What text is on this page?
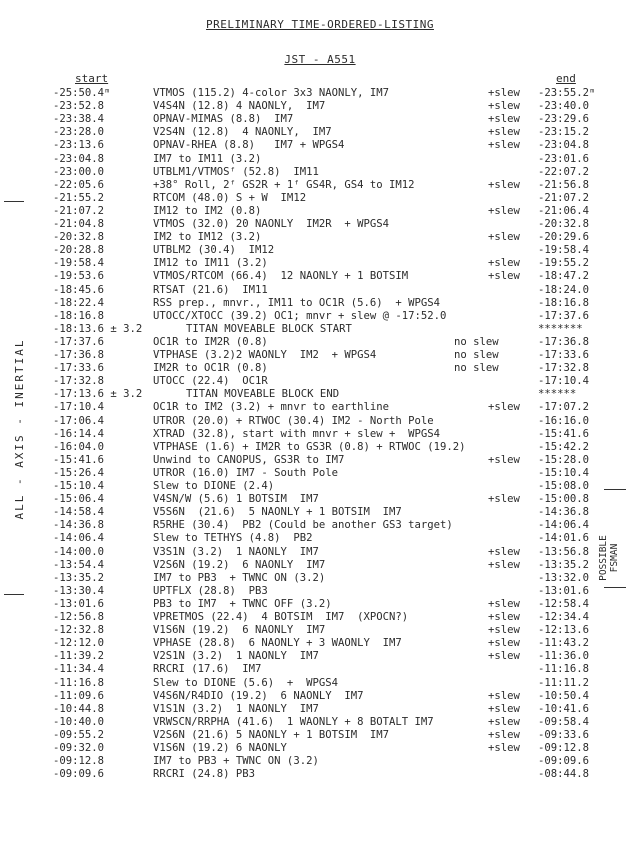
PRELIMINARY TIME-ORDERED-LISTING
JST - A551
start	end
-25:50.4ᵐ	VTMOS (115.2) 4-color 3x3 NAONLY, IM7	+slew -23:55.2ᵐ
-23:52.8	V4S4N (12.8) 4 NAONLY,  IM7	+slew -23:40.0
-23:38.4	OPNAV-MIMAS (8.8)  IM7	+slew -23:29.6
-23:28.0	V2S4N (12.8)  4 NAONLY,  IM7	+slew -23:15.2
-23:13.6	OPNAV-RHEA (8.8)   IM7 + WPGS4	+slew -23:04.8
-23:04.8	IM7 to IM11 (3.2)	-23:01.6
-23:00.0	UTBLM1/VTMOSᶠ (52.8)  IM11	-22:07.2
-22:05.6	+38° Roll, 2ᶠ GS2R + 1ᶠ GS4R, GS4 to IM12	+slew -21:56.8
-21:55.2	RTCOM (48.0) S + W  IM12	-21:07.2
-21:07.2	IM12 to IM2 (0.8)	+slew -21:06.4
-21:04.8	VTMOS (32.0) 20 NAONLY  IM2R  + WPGS4	-20:32.8
-20:32.8	IM2 to IM12 (3.2)	+slew -20:29.6
-20:28.8	UTBLM2 (30.4)  IM12	-19:58.4
-19:58.4	IM12 to IM11 (3.2)	+slew -19:55.2
-19:53.6	VTMOS/RTCOM (66.4)  12 NAONLY + 1 BOTSIM	+slew -18:47.2
-18:45.6	RTSAT (21.6)  IM11	-18:24.0
-18:22.4	RSS prep., mnvr., IM11 to OC1R (5.6)  + WPGS4	-18:16.8
-18:16.8	UTOCC/XTOCC (39.2) OC1; mnvr + slew @ -17:52.0	-17:37.6
-18:13.6 ± 3.2	TITAN MOVEABLE BLOCK START	*******
-17:37.6	OC1R to IM2R (0.8)	no slew	-17:36.8
-17:36.8	VTPHASE (3.2)2 WAONLY  IM2  + WPGS4	no slew	-17:33.6
-17:33.6	IM2R to OC1R (0.8)	no slew	-17:32.8
-17:32.8	UTOCC (22.4)  OC1R	-17:10.4
-17:13.6 ± 3.2	TITAN MOVEABLE BLOCK END	******
-17:10.4	OC1R to IM2 (3.2) + mnvr to earthline	+slew -17:07.2
-17:06.4	UTROR (20.0) + RTWOC (30.4) IM2 - North Pole	-16:16.0
-16:14.4	XTRAD (32.8), start with mnvr + slew +  WPGS4	-15:41.6
-16:04.0	VTPHASE (1.6) + IM2R to GS3R (0.8) + RTWOC (19.2)	-15:42.2
-15:41.6	Unwind to CANOPUS, GS3R to IM7	+slew -15:28.0
-15:26.4	UTROR (16.0) IM7 - South Pole	-15:10.4
-15:10.4	Slew to DIONE (2.4)	-15:08.0
-15:06.4	V4SN/W (5.6) 1 BOTSIM  IM7	+slew -15:00.8
-14:58.4	V5S6N  (21.6)  5 NAONLY + 1 BOTSIM  IM7	-14:36.8
-14:36.8	R5RHE (30.4)  PB2 (Could be another GS3 target)	-14:06.4
-14:06.4	Slew to TETHYS (4.8)  PB2	-14:01.6
-14:00.0	V3S1N (3.2)  1 NAONLY  IM7	+slew -13:56.8
-13:54.4	V2S6N (19.2)  6 NAONLY  IM7	+slew -13:35.2
-13:35.2	IM7 to PB3  + TWNC ON (3.2)	-13:32.0
-13:30.4	UPTFLX (28.8)  PB3	-13:01.6
-13:01.6	PB3 to IM7  + TWNC OFF (3.2)	+slew -12:58.4
-12:56.8	VPRETMOS (22.4)  4 BOTSIM  IM7  (XPOCN?)	+slew -12:34.4
-12:32.8	V1S6N (19.2)  6 NAONLY  IM7	+slew -12:13.6
-12:12.0	VPHASE (28.8)  6 NAONLY + 3 WAONLY  IM7	+slew -11:43.2
-11:39.2	V2S1N (3.2)  1 NAONLY  IM7	+slew -11:36.0
-11:34.4	RRCRI (17.6)  IM7	-11:16.8
-11:16.8	Slew to DIONE (5.6)  +  WPGS4	-11:11.2
-11:09.6	V4S6N/R4DIO (19.2)  6 NAONLY  IM7	+slew -10:50.4
-10:44.8	V1S1N (3.2)  1 NAONLY  IM7	+slew -10:41.6
-10:40.0	VRWSCN/RRPHA (41.6)  1 WAONLY + 8 BOTALT IM7	+slew -09:58.4
-09:55.2	V2S6N (21.6) 5 NAONLY + 1 BOTSIM  IM7	+slew -09:33.6
-09:32.0	V1S6N (19.2) 6 NAONLY	+slew -09:12.8
-09:12.8	IM7 to PB3 + TWNC ON (3.2)	-09:09.6
-09:09.6	RRCRI (24.8) PB3	-08:44.8
ALL - AXIS - INERTIAL
POSSIBLE FSMAN
